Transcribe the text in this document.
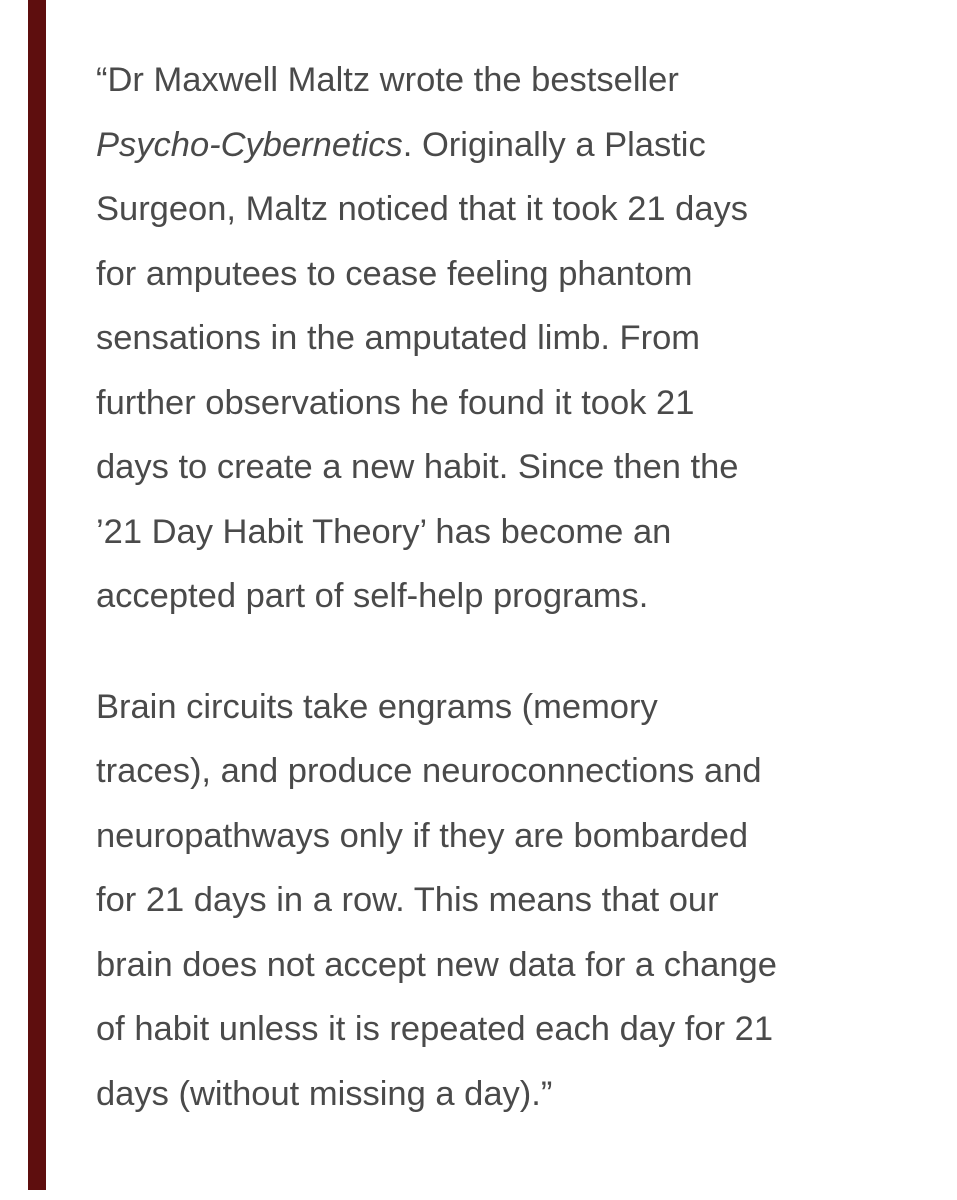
“Dr Maxwell Maltz wrote the bestseller
Psycho-Cybernetics. Originally a Plastic
Surgeon, Maltz noticed that it took 21 days
for amputees to cease feeling phantom
sensations in the amputated limb. From
further observations he found it took 21
days to create a new habit. Since then the
’21 Day Habit Theory’ has become an
accepted part of self-help programs.

Brain circuits take engrams (memory
traces), and produce neuroconnections and
neuropathways only if they are bombarded
for 21 days in a row. This means that our
brain does not accept new data for a change
of habit unless it is repeated each day for 21
days (without missing a day).”
